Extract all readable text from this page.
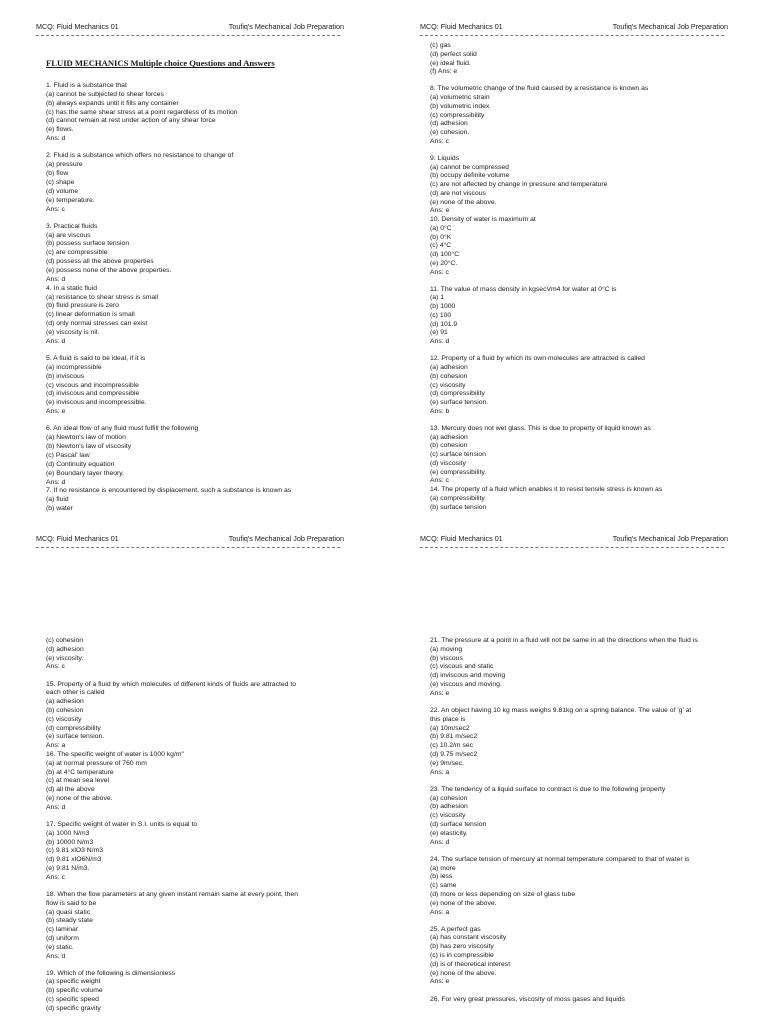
MCQ: Fluid Mechanics 01	Toufiq's Mechanical Job Preparation
FLUID MECHANICS Multiple choice Questions and Answers
1. Fluid is a substance that
(a) cannot be subjected to shear forces
(b) always expands until it fills any container
(c) has the same shear stress at a point regardless of its motion
(d) cannot remain at rest under action of any shear force
(e) flows.
Ans: d
2. Fluid is a substance which offers no resistance to change of
(a) pressure
(b) flow
(c) shape
(d) volume
(e) temperature.
Ans: c
3. Practical fluids
(a) are viscous
(b) possess surface tension
(c) are compressible
(d) possess all the above properties
(e) possess none of the above properties.
Ans: d
4. In a static fluid
(a) resistance to shear stress is small
(b) fluid pressure is zero
(c) linear deformation is small
(d) only normal stresses can exist
(e) viscosity is nil.
Ans: d
5. A fluid is said to be ideal, if it is
(a) incompressible
(b) inviscous
(c) viscous and incompressible
(d) inviscous and compressible
(e) inviscous and incompressible.
Ans: e
6. An ideal flow of any fluid must fulfill the following
(a) Newton's law of motion
(b) Newton's law of viscosity
(c) Pascal' law
(d) Continuity equation
(e) Boundary layer theory.
Ans: d
7. If no resistance is encountered by displacement, such a substance is known as
(a) fluid
(b) water
MCQ: Fluid Mechanics 01	Toufiq's Mechanical Job Preparation
(c) gas
(d) perfect solid
(e) ideal fluid.
(f) Ans: e
8. The volumetric change of the fluid caused by a resistance is known as
(a) volumetric strain
(b) volumetric index
(c) compressibility
(d) adhesion
(e) cohesion.
Ans: c
9. Liquids
(a) cannot be compressed
(b) occupy definite volume
(c) are not affected by change in pressure and temperature
(d) are not viscous
(e) none of the above.
Ans: e
10. Density of water is maximum at
(a) 0°C
(b) 0°K
(c) 4°C
(d) 100°C
(e) 20°C.
Ans: c
11. The value of mass density in kgsecVm4 for water at 0°C is
(a) 1
(b) 1000
(c) 100
(d) 101.9
(e) 91
Ans: d
12. Property of a fluid by which its own molecules are attracted is called
(a) adhesion
(b) cohesion
(c) viscosity
(d) compressibility
(e) surface tension.
Ans: b
13. Mercury does not wet glass. This is due to property of liquid known as
(a) adhesion
(b) cohesion
(c) surface tension
(d) viscosity
(e) compressibility.
Ans: c
14. The property of a fluid which enables it to resist tensile stress is known as
(a) compressibility
(b) surface tension
MCQ: Fluid Mechanics 01	Toufiq's Mechanical Job Preparation
(c) cohesion
(d) adhesion
(e) viscosity.
Ans: c
15. Property of a fluid by which molecules of different kinds of fluids are attracted to
each other is called
(a) adhesion
(b) cohesion
(c) viscosity
(d) compressibility
(e) surface tension.
Ans: a
16. The specific weight of water is 1000 kg/m"
(a) at normal pressure of 760 mm
(b) at 4°C temperature
(c) at mean sea level
(d) all the above
(e) none of the above.
Ans: d
17. Specific weight of water in S.I. units is equal to
(a) 1000 N/m3
(b) 10000 N/m3
(c) 9.81 xlO3 N/m3
(d) 9.81 xlO6N/m3
(e) 9.81 N/m3.
Ans: c
18. When the flow parameters at any given instant remain same at every point, then
flow is said to be
(a) quasi static
(b) steady state
(c) laminar
(d) uniform
(e) static.
Ans: d
19. Which of the following is dimensionless
(a) specific weight
(b) specific volume
(c) specific speed
(d) specific gravity
MCQ: Fluid Mechanics 01	Toufiq's Mechanical Job Preparation
21. The pressure at a point in a fluid will not be same in all the directions when the fluid is
(a) moving
(b) viscous
(c) viscous and static
(d) inviscous and moving
(e) viscous and moving.
Ans: e
22. An object having 10 kg mass weighs 9.81kg on a spring balance. The value of 'g' at
this place is
(a) 10m/sec2
(b) 9.81 m/sec2
(c) 10.2/m sec
(d) 9.75 m/sec2
(e) 9m/sec.
Ans: a
23. The tendency of a liquid surface to contract is due to the following property
(a) cohesion
(b) adhesion
(c) viscosity
(d) surface tension
(e) elasticity.
Ans: d
24. The surface tension of mercury at normal temperature compared to that of water is
(a) more
(b) less
(c) same
(d) more or less depending on size of glass tube
(e) none of the above.
Ans: a
25. A perfect gas
(a) has constant viscosity
(b) has zero viscosity
(c) is in compressible
(d) is of theoretical interest
(e) none of the above.
Ans: e
26. For very great pressures, viscosity of moss gases and liquids
